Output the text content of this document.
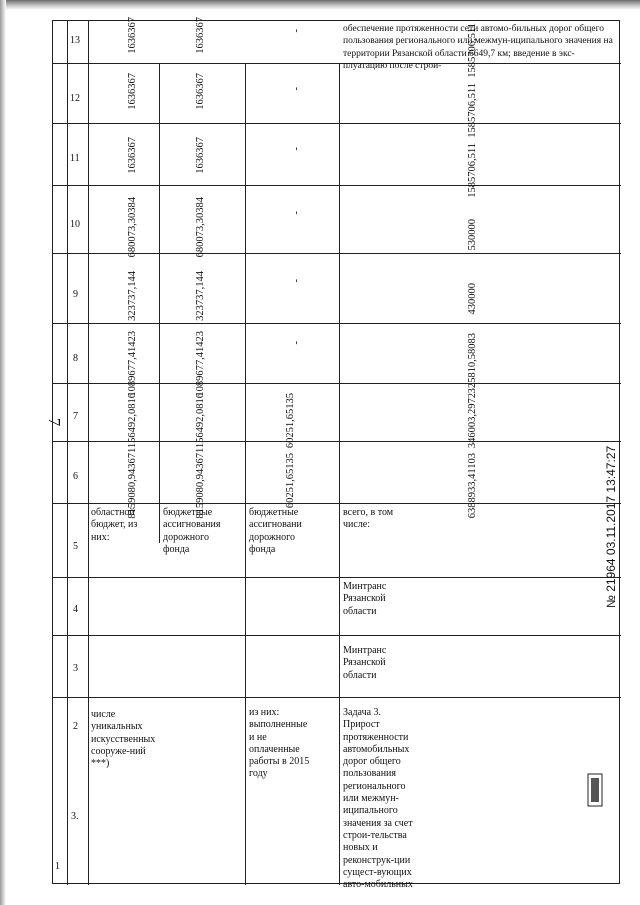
7
1
2
3
4
5
6
7
8
9
10
11
12
13
числе уникальных искусственных сооруже-ний ***)
областной бюджет, из них:
бюджетные ассигнования дорожного фонда
8159080,94367
1156492,0816
1089677,41423
323737,144
680073,30384
1636367
1636367
1636367
8159080,94367
1156492,0816
1089677,41423
323737,144
680073,30384
1636367
1636367
1636367
из них: выполненные и не оплаченные работы в 2015 году
бюджетные ассигновани дорожного фонда
60251,65135
60251,65135
-
-
-
-
-
-
3.
Задача 3. Прирост протяженности автомобильных дорог общего пользования регионального или межмун-иципального значения за счет строи-тельства новых и реконструк-ции сущест-вующих авто-мобильных
Минтранс Рязанской области
Минтранс Рязанской области
всего, в том числе:
6388933,41103
346003,2972
325810,58083
430000
530000
1585706,511
1585706,511
1585706,511
обеспечение протяженности сети автомо-бильных дорог общего пользования регионального или межмун-иципального значения на территории Рязанской области 6649,7 км; введение в экс-плуатацию после строи-
№ 21964 03.11.2017 13:47:27
